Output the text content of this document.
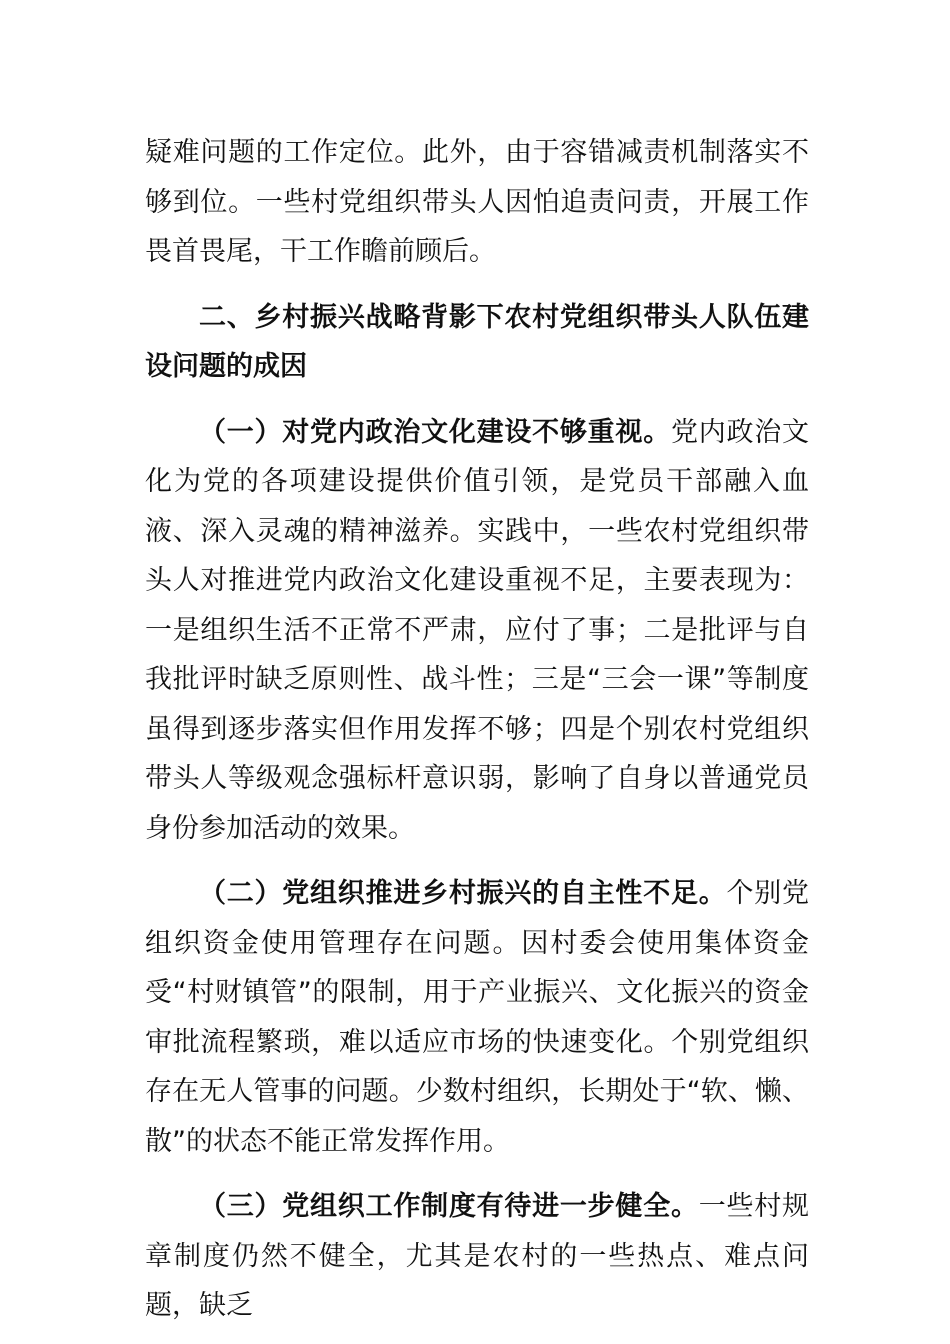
疑难问题的工作定位。此外，由于容错减责机制落实不够到位。一些村党组织带头人因怕追责问责，开展工作畏首畏尾，干工作瞻前顾后。

二、乡村振兴战略背影下农村党组织带头人队伍建设问题的成因

（一）对党内政治文化建设不够重视。党内政治文化为党的各项建设提供价值引领，是党员干部融入血液、深入灵魂的精神滋养。实践中，一些农村党组织带头人对推进党内政治文化建设重视不足，主要表现为：一是组织生活不正常不严肃，应付了事；二是批评与自我批评时缺乏原则性、战斗性；三是“三会一课”等制度虽得到逐步落实但作用发挥不够；四是个别农村党组织带头人等级观念强标杆意识弱，影响了自身以普通党员身份参加活动的效果。

（二）党组织推进乡村振兴的自主性不足。个别党组织资金使用管理存在问题。因村委会使用集体资金受“村财镇管”的限制，用于产业振兴、文化振兴的资金审批流程繁琐，难以适应市场的快速变化。个别党组织存在无人管事的问题。少数村组织，长期处于“软、懒、散”的状态不能正常发挥作用。

（三）党组织工作制度有待进一步健全。一些村规章制度仍然不健全，尤其是农村的一些热点、难点问题，缺乏
